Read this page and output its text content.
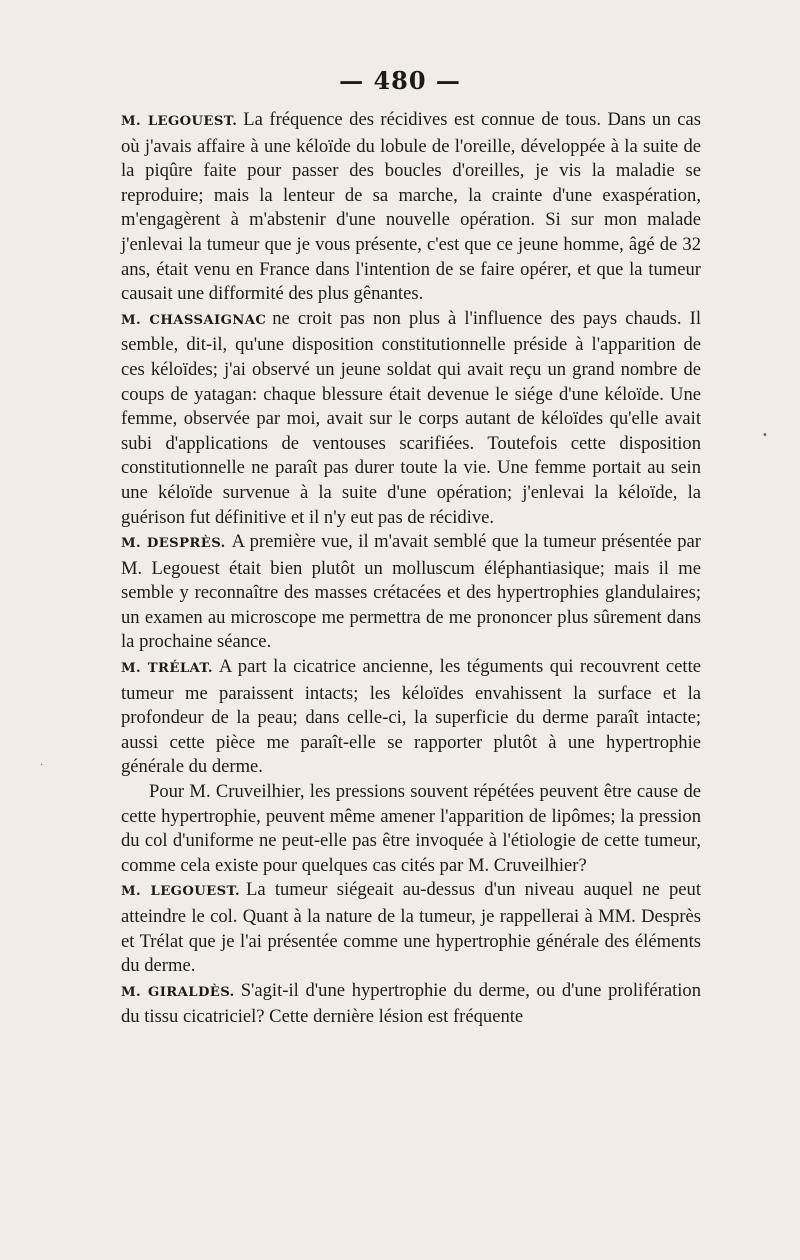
— 480 —

M. LEGOUEST. La fréquence des récidives est connue de tous. Dans un cas où j'avais affaire à une kéloïde du lobule de l'oreille, développée à la suite de la piqûre faite pour passer des boucles d'oreilles, je vis la maladie se reproduire; mais la lenteur de sa marche, la crainte d'une exaspération, m'engagèrent à m'abstenir d'une nouvelle opération. Si sur mon malade j'enlevai la tumeur que je vous présente, c'est que ce jeune homme, âgé de 32 ans, était venu en France dans l'intention de se faire opérer, et que la tumeur causait une difformité des plus gênantes.

M. CHASSAIGNAC ne croit pas non plus à l'influence des pays chauds. Il semble, dit-il, qu'une disposition constitutionnelle préside à l'apparition de ces kéloïdes; j'ai observé un jeune soldat qui avait reçu un grand nombre de coups de yatagan: chaque blessure était devenue le siége d'une kéloïde. Une femme, observée par moi, avait sur le corps autant de kéloïdes qu'elle avait subi d'applications de ventouses scarifiées. Toutefois cette disposition constitutionnelle ne paraît pas durer toute la vie. Une femme portait au sein une kéloïde survenue à la suite d'une opération; j'enlevai la kéloïde, la guérison fut définitive et il n'y eut pas de récidive.

M. DESPRÈS. A première vue, il m'avait semblé que la tumeur présentée par M. Legouest était bien plutôt un molluscum éléphantiasique; mais il me semble y reconnaître des masses crétacées et des hypertrophies glandulaires; un examen au microscope me permettra de me prononcer plus sûrement dans la prochaine séance.

M. TRÉLAT. A part la cicatrice ancienne, les téguments qui recouvrent cette tumeur me paraissent intacts; les kéloïdes envahissent la surface et la profondeur de la peau; dans celle-ci, la superficie du derme paraît intacte; aussi cette pièce me paraît-elle se rapporter plutôt à une hypertrophie générale du derme.

Pour M. Cruveilhier, les pressions souvent répétées peuvent être cause de cette hypertrophie, peuvent même amener l'apparition de lipômes; la pression du col d'uniforme ne peut-elle pas être invoquée à l'étiologie de cette tumeur, comme cela existe pour quelques cas cités par M. Cruveilhier?

M. LEGOUEST. La tumeur siégeait au-dessus d'un niveau auquel ne peut atteindre le col. Quant à la nature de la tumeur, je rappellerai à MM. Desprès et Trélat que je l'ai présentée comme une hypertrophie générale des éléments du derme.

M. GIRALDÈS. S'agit-il d'une hypertrophie du derme, ou d'une prolifération du tissu cicatriciel? Cette dernière lésion est fréquente

•
·
